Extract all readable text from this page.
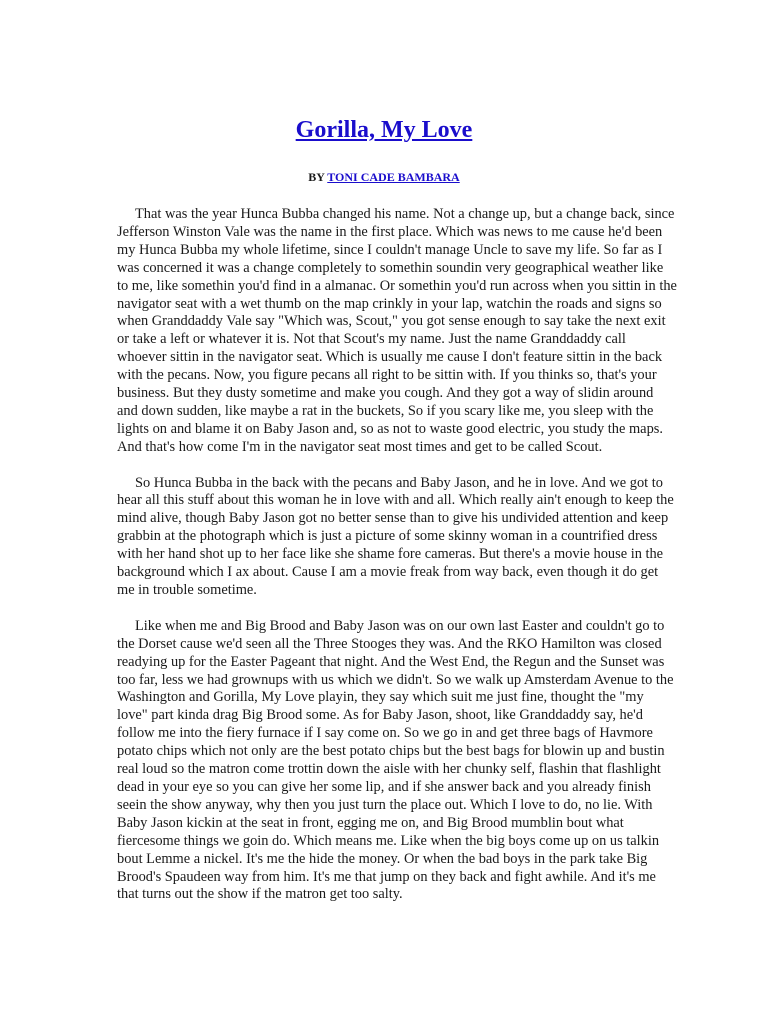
Gorilla, My Love
BY TONI CADE BAMBARA

That was the year Hunca Bubba changed his name. Not a change up, but a change back, since Jefferson Winston Vale was the name in the first place. Which was news to me cause he'd been my Hunca Bubba my whole lifetime, since I couldn't manage Uncle to save my life. So far as I was concerned it was a change completely to somethin soundin very geographical weather like to me, like somethin you'd find in a almanac. Or somethin you'd run across when you sittin in the navigator seat with a wet thumb on the map crinkly in your lap, watchin the roads and signs so when Granddaddy Vale say "Which was, Scout," you got sense enough to say take the next exit or take a left or whatever it is. Not that Scout's my name. Just the name Granddaddy call whoever sittin in the navigator seat. Which is usually me cause I don't feature sittin in the back with the pecans. Now, you figure pecans all right to be sittin with. If you thinks so, that's your business. But they dusty sometime and make you cough. And they got a way of slidin around and down sudden, like maybe a rat in the buckets, So if you scary like me, you sleep with the lights on and blame it on Baby Jason and, so as not to waste good electric, you study the maps. And that's how come I'm in the navigator seat most times and get to be called Scout.

So Hunca Bubba in the back with the pecans and Baby Jason, and he in love. And we got to hear all this stuff about this woman he in love with and all. Which really ain't enough to keep the mind alive, though Baby Jason got no better sense than to give his undivided attention and keep grabbin at the photograph which is just a picture of some skinny woman in a countrified dress with her hand shot up to her face like she shame fore cameras. But there's a movie house in the background which I ax about. Cause I am a movie freak from way back, even though it do get me in trouble sometime.

Like when me and Big Brood and Baby Jason was on our own last Easter and couldn't go to the Dorset cause we'd seen all the Three Stooges they was. And the RKO Hamilton was closed readying up for the Easter Pageant that night. And the West End, the Regun and the Sunset was too far, less we had grownups with us which we didn't. So we walk up Amsterdam Avenue to the Washington and Gorilla, My Love playin, they say which suit me just fine, thought the "my love" part kinda drag Big Brood some. As for Baby Jason, shoot, like Granddaddy say, he'd follow me into the fiery furnace if I say come on. So we go in and get three bags of Havmore potato chips which not only are the best potato chips but the best bags for blowin up and bustin real loud so the matron come trottin down the aisle with her chunky self, flashin that flashlight dead in your eye so you can give her some lip, and if she answer back and you already finish seein the show anyway, why then you just turn the place out. Which I love to do, no lie. With Baby Jason kickin at the seat in front, egging me on, and Big Brood mumblin bout what fiercesome things we goin do. Which means me. Like when the big boys come up on us talkin bout Lemme a nickel. It's me the hide the money. Or when the bad boys in the park take Big Brood's Spaudeen way from him. It's me that jump on they back and fight awhile. And it's me that turns out the show if the matron get too salty.
